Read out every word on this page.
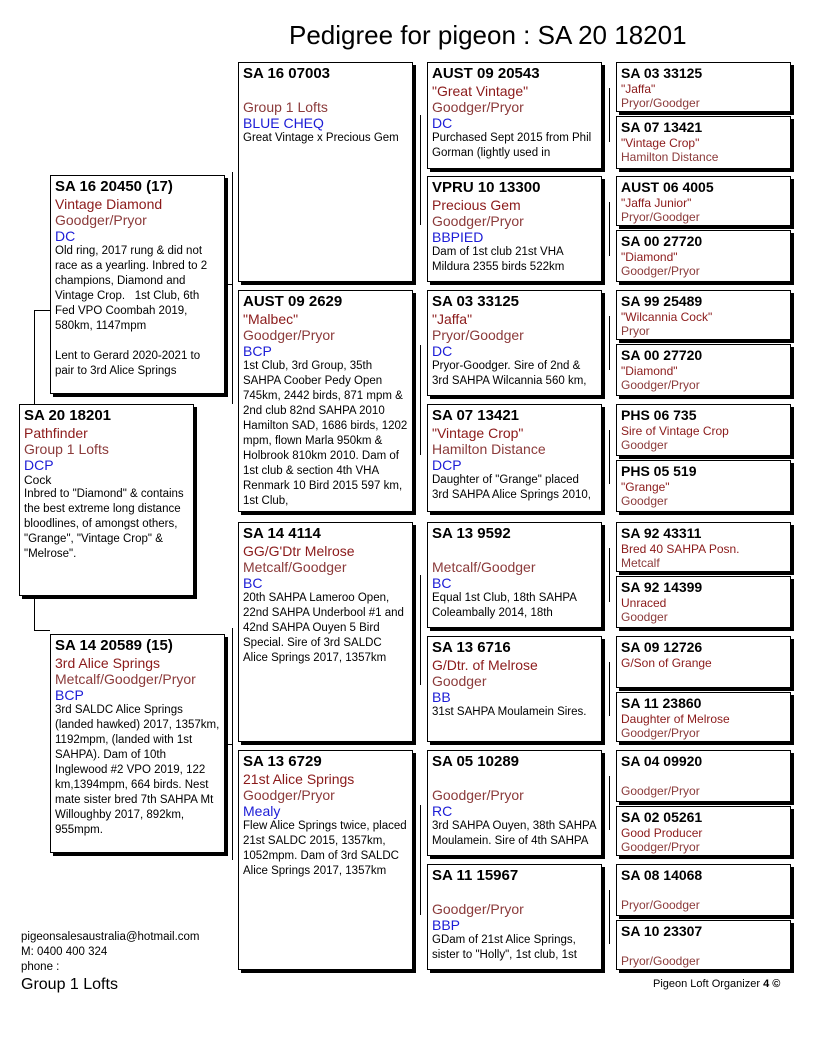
Pedigree for pigeon : SA 20 18201
SA 20 18201
Pathfinder
Group 1 Lofts
DCP
Cock
Inbred to "Diamond" & contains the best extreme long distance bloodlines, of amongst others, "Grange", "Vintage Crop" & "Melrose".
SA 16 20450 (17)
Vintage Diamond
Goodger/Pryor
DC
Old ring, 2017 rung & did not race as a yearling. Inbred to 2 champions, Diamond and Vintage Crop.   1st Club, 6th Fed VPO Coombah 2019, 580km, 1147mpm

Lent to Gerard 2020-2021 to pair to 3rd Alice Springs
SA 14 20589 (15)
3rd Alice Springs
Metcalf/Goodger/Pryor
BCP
3rd SALDC Alice Springs (landed hawked) 2017, 1357km, 1192mpm, (landed with 1st SAHPA). Dam of 10th Inglewood #2 VPO 2019, 122 km,1394mpm, 664 birds. Nest mate sister bred 7th SAHPA Mt Willoughby 2017, 892km, 955mpm.
SA 16 07003
Group 1 Lofts
BLUE CHEQ
Great Vintage x Precious Gem
AUST 09 2629
"Malbec"
Goodger/Pryor
BCP
1st Club, 3rd Group, 35th SAHPA Coober Pedy Open 745km, 2442 birds, 871 mpm & 2nd club 82nd SAHPA 2010 Hamilton SAD, 1686 birds, 1202 mpm, flown Marla 950km & Holbrook 810km 2010. Dam of 1st club & section 4th VHA Renmark 10 Bird 2015 597 km, 1st Club,
SA 14 4114
GG/G'Dtr Melrose
Metcalf/Goodger
BC
20th SAHPA Lameroo Open, 22nd SAHPA Underbool #1 and 42nd SAHPA Ouyen 5 Bird Special. Sire of 3rd SALDC Alice Springs 2017, 1357km
SA 13 6729
21st Alice Springs
Goodger/Pryor
Mealy
Flew Alice Springs twice, placed 21st SALDC 2015, 1357km, 1052mpm. Dam of 3rd SALDC Alice Springs 2017, 1357km
AUST 09 20543
"Great Vintage"
Goodger/Pryor
DC
Purchased Sept 2015 from Phil Gorman (lightly used in
VPRU 10 13300
Precious Gem
Goodger/Pryor
BBPIED
Dam of 1st club 21st VHA Mildura 2355 birds 522km
SA 03 33125
"Jaffa"
Pryor/Goodger
DC
Pryor-Goodger. Sire of 2nd & 3rd SAHPA Wilcannia 560 km,
SA 07 13421
"Vintage Crop"
Hamilton Distance
DCP
Daughter of "Grange" placed 3rd SAHPA Alice Springs 2010,
SA 13 9592
Metcalf/Goodger
BC
Equal 1st Club, 18th SAHPA Coleambally 2014, 18th
SA 13 6716
G/Dtr. of Melrose
Goodger
BB
31st SAHPA Moulamein Sires.
SA 05 10289
Goodger/Pryor
RC
3rd SAHPA Ouyen, 38th SAHPA Moulamein. Sire of 4th SAHPA
SA 11 15967
Goodger/Pryor
BBP
GDam of 21st Alice Springs, sister to "Holly", 1st club, 1st
SA 03 33125
"Jaffa"
Pryor/Goodger
SA 07 13421
"Vintage Crop"
Hamilton Distance
AUST 06 4005
"Jaffa Junior"
Pryor/Goodger
SA 00 27720
"Diamond"
Goodger/Pryor
SA 99 25489
"Wilcannia Cock"
Pryor
SA 00 27720
"Diamond"
Goodger/Pryor
PHS 06 735
Sire of Vintage Crop
Goodger
PHS 05 519
"Grange"
Goodger
SA 92 43311
Bred 40 SAHPA Posn.
Metcalf
SA 92 14399
Unraced
Goodger
SA 09 12726
G/Son of Grange
SA 11 23860
Daughter of Melrose
Goodger/Pryor
SA 04 09920
Goodger/Pryor
SA 02 05261
Good Producer
Goodger/Pryor
SA 08 14068
Pryor/Goodger
SA 10 23307
Pryor/Goodger
pigeonsalesaustralia@hotmail.com
M: 0400 400 324
phone :
Group 1 Lofts	Pigeon Loft Organizer 4 ©
